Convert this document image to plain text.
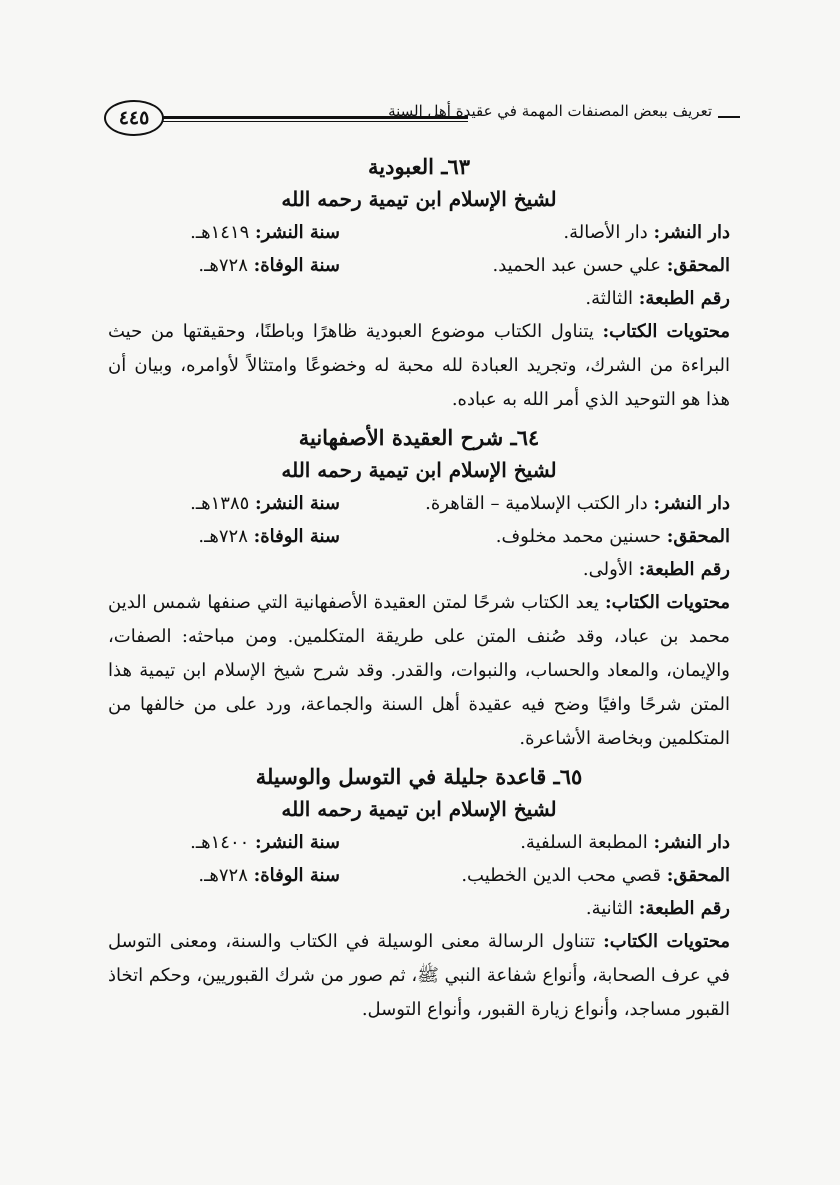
٤٤٥	تعريف ببعض المصنفات المهمة في عقيدة أهل السنة
٦٣ـ العبودية
لشيخ الإسلام ابن تيمية رحمه الله
دار النشر: دار الأصالة.
سنة النشر: ١٤١٩هـ.
المحقق: علي حسن عبد الحميد.
سنة الوفاة: ٧٢٨هـ.
رقم الطبعة: الثالثة.
محتويات الكتاب: يتناول الكتاب موضوع العبودية ظاهرًا وباطنًا، وحقيقتها من حيث البراءة من الشرك، وتجريد العبادة لله محبة له وخضوعًا وامتثالاً لأوامره، وبيان أن هذا هو التوحيد الذي أمر الله به عباده.
٦٤ـ شرح العقيدة الأصفهانية
لشيخ الإسلام ابن تيمية رحمه الله
دار النشر: دار الكتب الإسلامية – القاهرة.
سنة النشر: ١٣٨٥هـ.
المحقق: حسنين محمد مخلوف.
سنة الوفاة: ٧٢٨هـ.
رقم الطبعة: الأولى.
محتويات الكتاب: يعد الكتاب شرحًا لمتن العقيدة الأصفهانية التي صنفها شمس الدين محمد بن عباد، وقد صُنف المتن على طريقة المتكلمين. ومن مباحثه: الصفات، والإيمان، والمعاد والحساب، والنبوات، والقدر. وقد شرح شيخ الإسلام ابن تيمية هذا المتن شرحًا وافيًا وضح فيه عقيدة أهل السنة والجماعة، ورد على من خالفها من المتكلمين وبخاصة الأشاعرة.
٦٥ـ قاعدة جليلة في التوسل والوسيلة
لشيخ الإسلام ابن تيمية رحمه الله
دار النشر: المطبعة السلفية.
سنة النشر: ١٤٠٠هـ.
المحقق: قصي محب الدين الخطيب.
سنة الوفاة: ٧٢٨هـ.
رقم الطبعة: الثانية.
محتويات الكتاب: تتناول الرسالة معنى الوسيلة في الكتاب والسنة، ومعنى التوسل في عرف الصحابة، وأنواع شفاعة النبي ﷺ، ثم صور من شرك القبوريين، وحكم اتخاذ القبور مساجد، وأنواع زيارة القبور، وأنواع التوسل.
